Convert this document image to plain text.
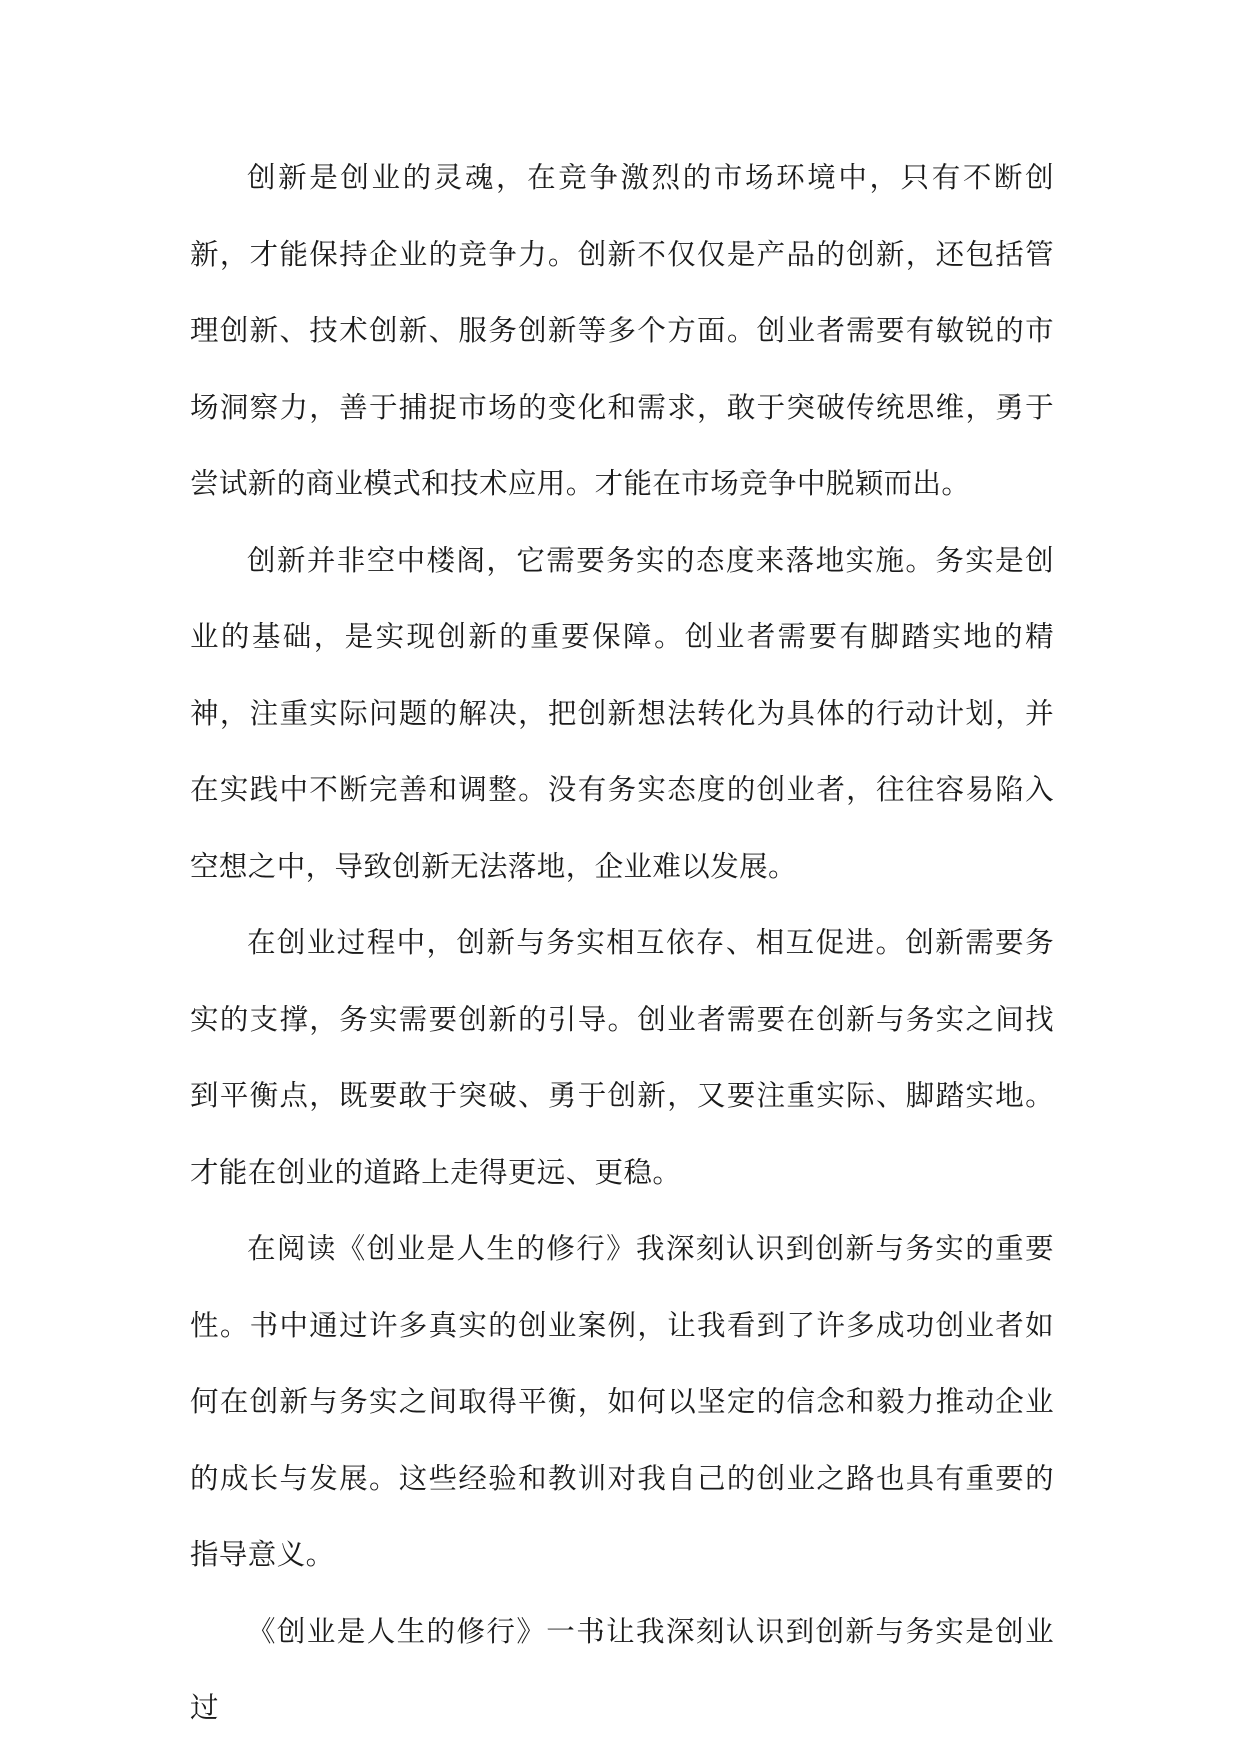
创新是创业的灵魂，在竞争激烈的市场环境中，只有不断创新，才能保持企业的竞争力。创新不仅仅是产品的创新，还包括管理创新、技术创新、服务创新等多个方面。创业者需要有敏锐的市场洞察力，善于捕捉市场的变化和需求，敢于突破传统思维，勇于尝试新的商业模式和技术应用。才能在市场竞争中脱颖而出。

创新并非空中楼阁，它需要务实的态度来落地实施。务实是创业的基础，是实现创新的重要保障。创业者需要有脚踏实地的精神，注重实际问题的解决，把创新想法转化为具体的行动计划，并在实践中不断完善和调整。没有务实态度的创业者，往往容易陷入空想之中，导致创新无法落地，企业难以发展。

在创业过程中，创新与务实相互依存、相互促进。创新需要务实的支撑，务实需要创新的引导。创业者需要在创新与务实之间找到平衡点，既要敢于突破、勇于创新，又要注重实际、脚踏实地。才能在创业的道路上走得更远、更稳。

在阅读《创业是人生的修行》我深刻认识到创新与务实的重要性。书中通过许多真实的创业案例，让我看到了许多成功创业者如何在创新与务实之间取得平衡，如何以坚定的信念和毅力推动企业的成长与发展。这些经验和教训对我自己的创业之路也具有重要的指导意义。

《创业是人生的修行》一书让我深刻认识到创新与务实是创业过
